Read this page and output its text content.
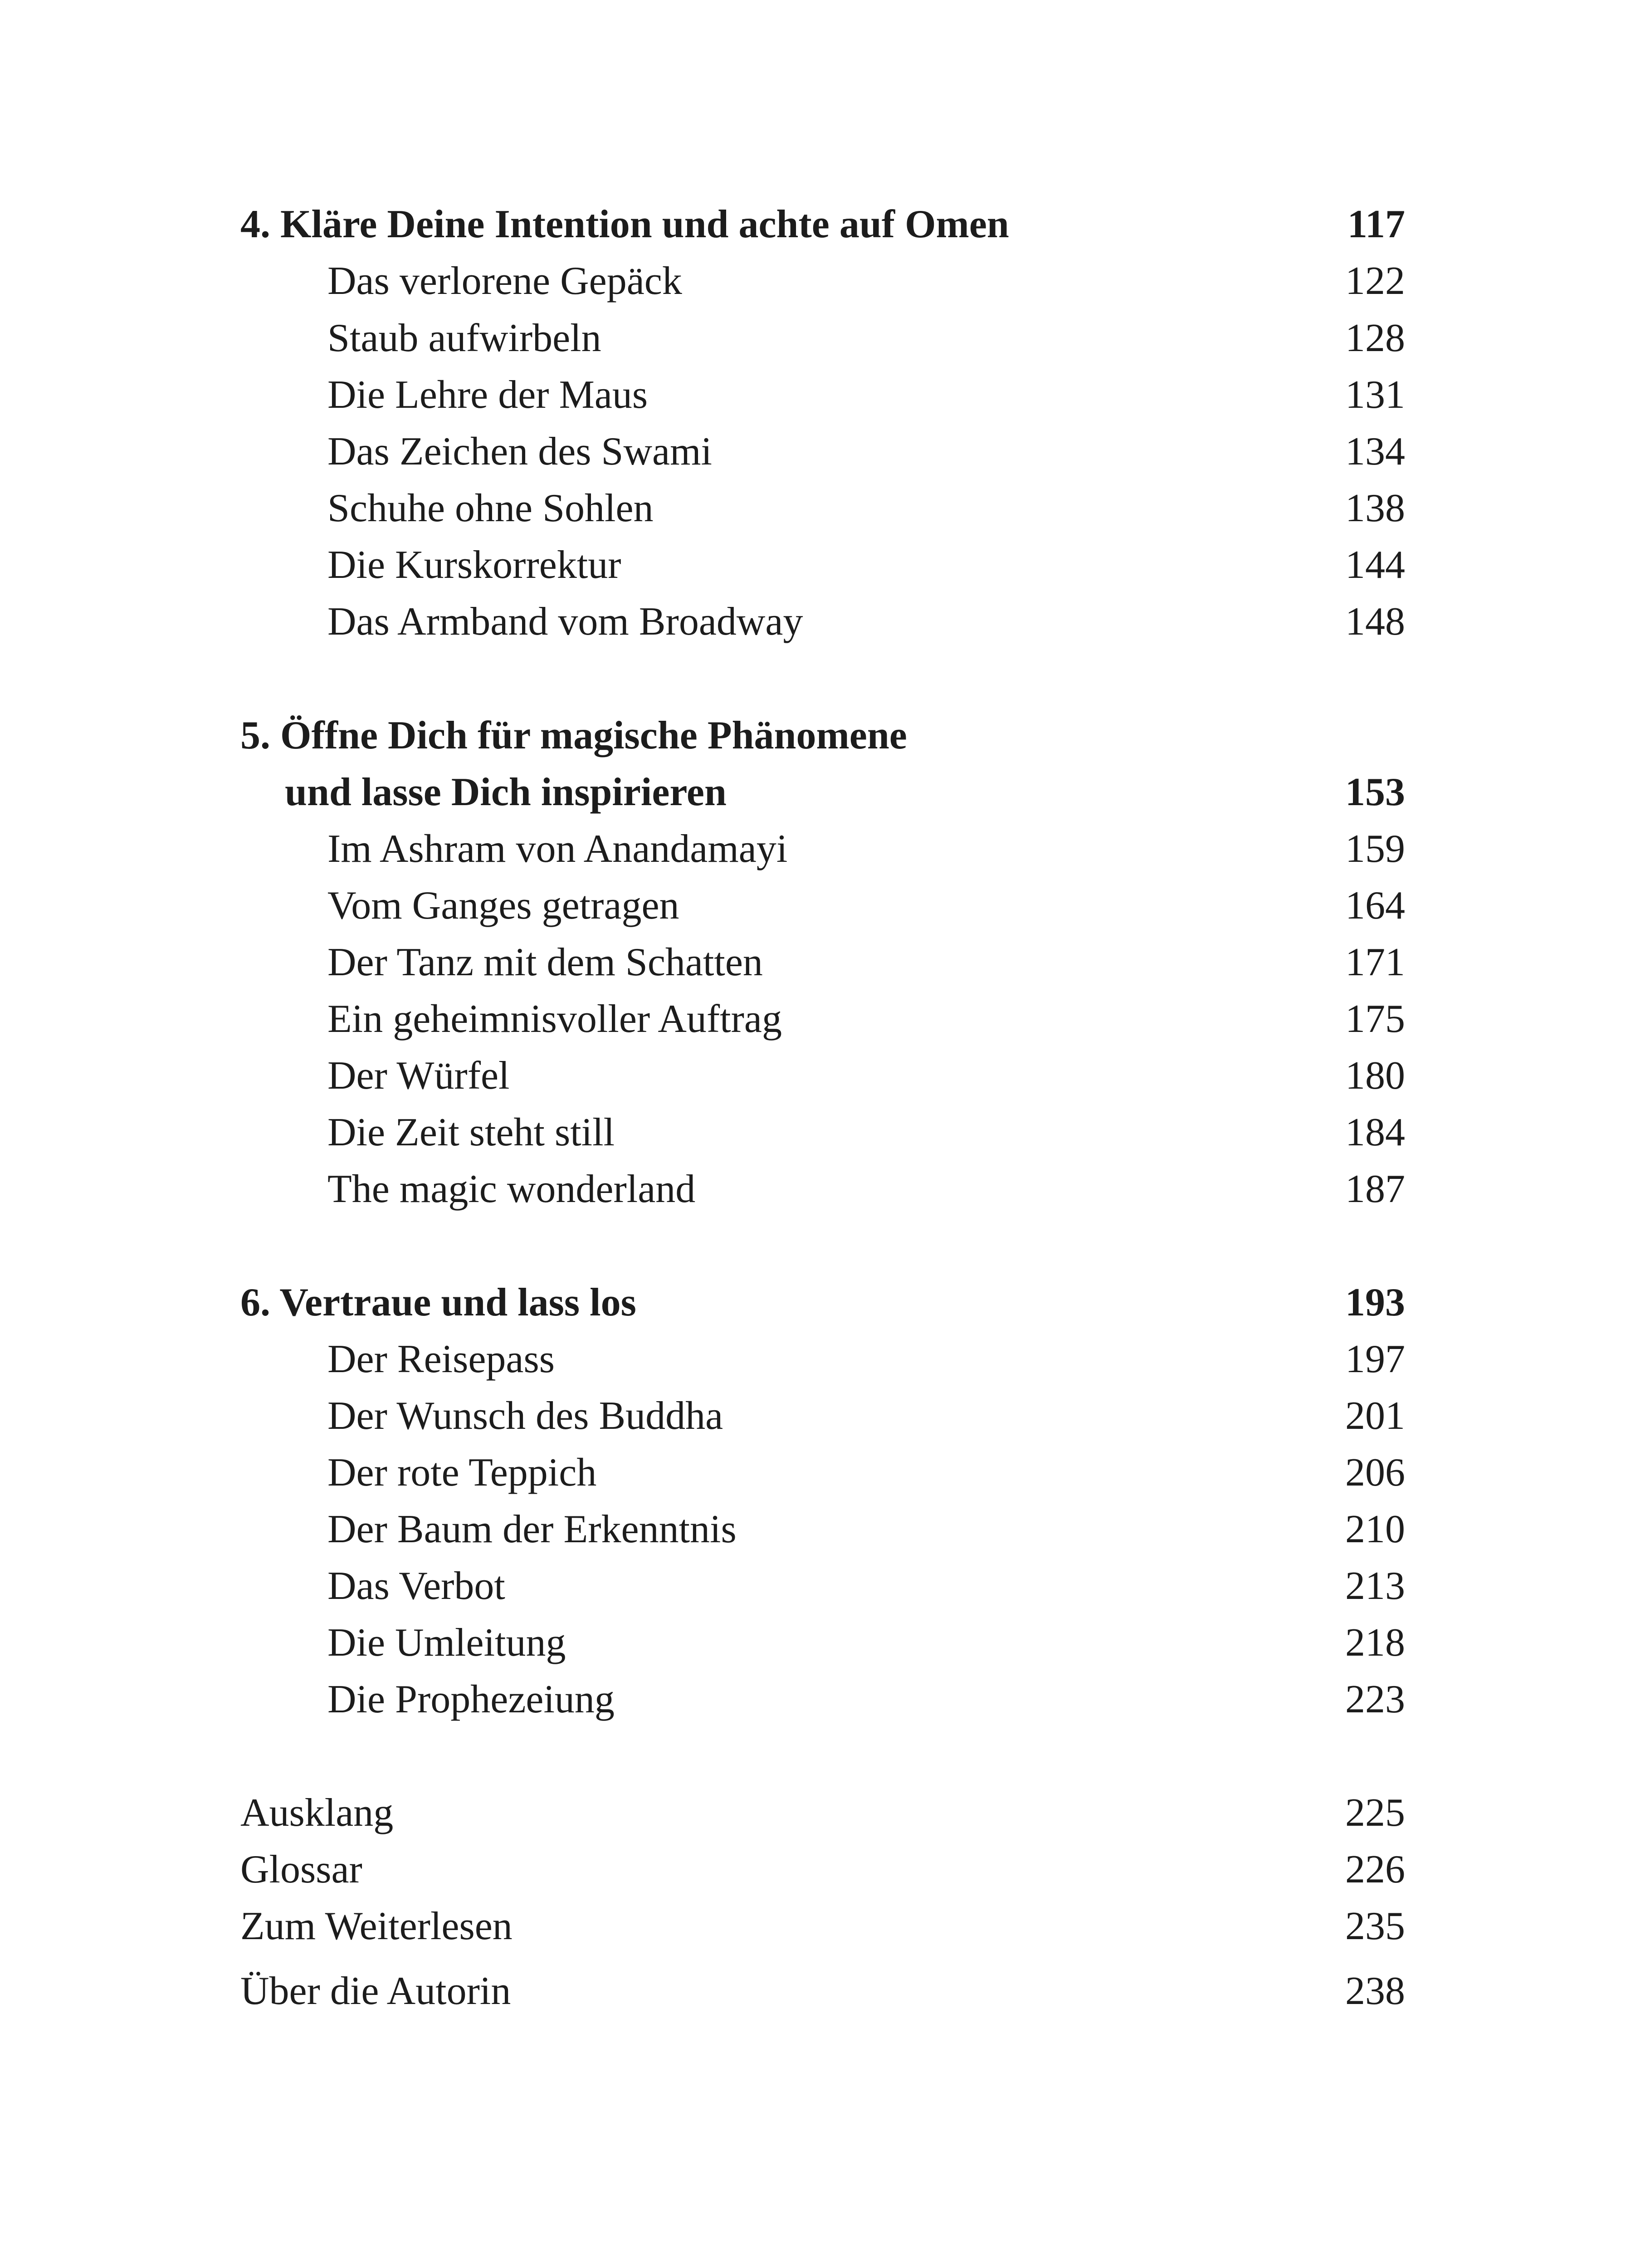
4. Kläre Deine Intention und achte auf Omen	117
Das verlorene Gepäck	122
Staub aufwirbeln	128
Die Lehre der Maus	131
Das Zeichen des Swami	134
Schuhe ohne Sohlen	138
Die Kurskorrektur	144
Das Armband vom Broadway	148
5. Öffne Dich für magische Phänomene
und lasse Dich inspirieren	153
Im Ashram von Anandamayi	159
Vom Ganges getragen	164
Der Tanz mit dem Schatten	171
Ein geheimnisvoller Auftrag	175
Der Würfel	180
Die Zeit steht still	184
The magic wonderland	187
6. Vertraue und lass los	193
Der Reisepass	197
Der Wunsch des Buddha	201
Der rote Teppich	206
Der Baum der Erkenntnis	210
Das Verbot	213
Die Umleitung	218
Die Prophezeiung	223
Ausklang	225
Glossar	226
Zum Weiterlesen	235
Über die Autorin	238
